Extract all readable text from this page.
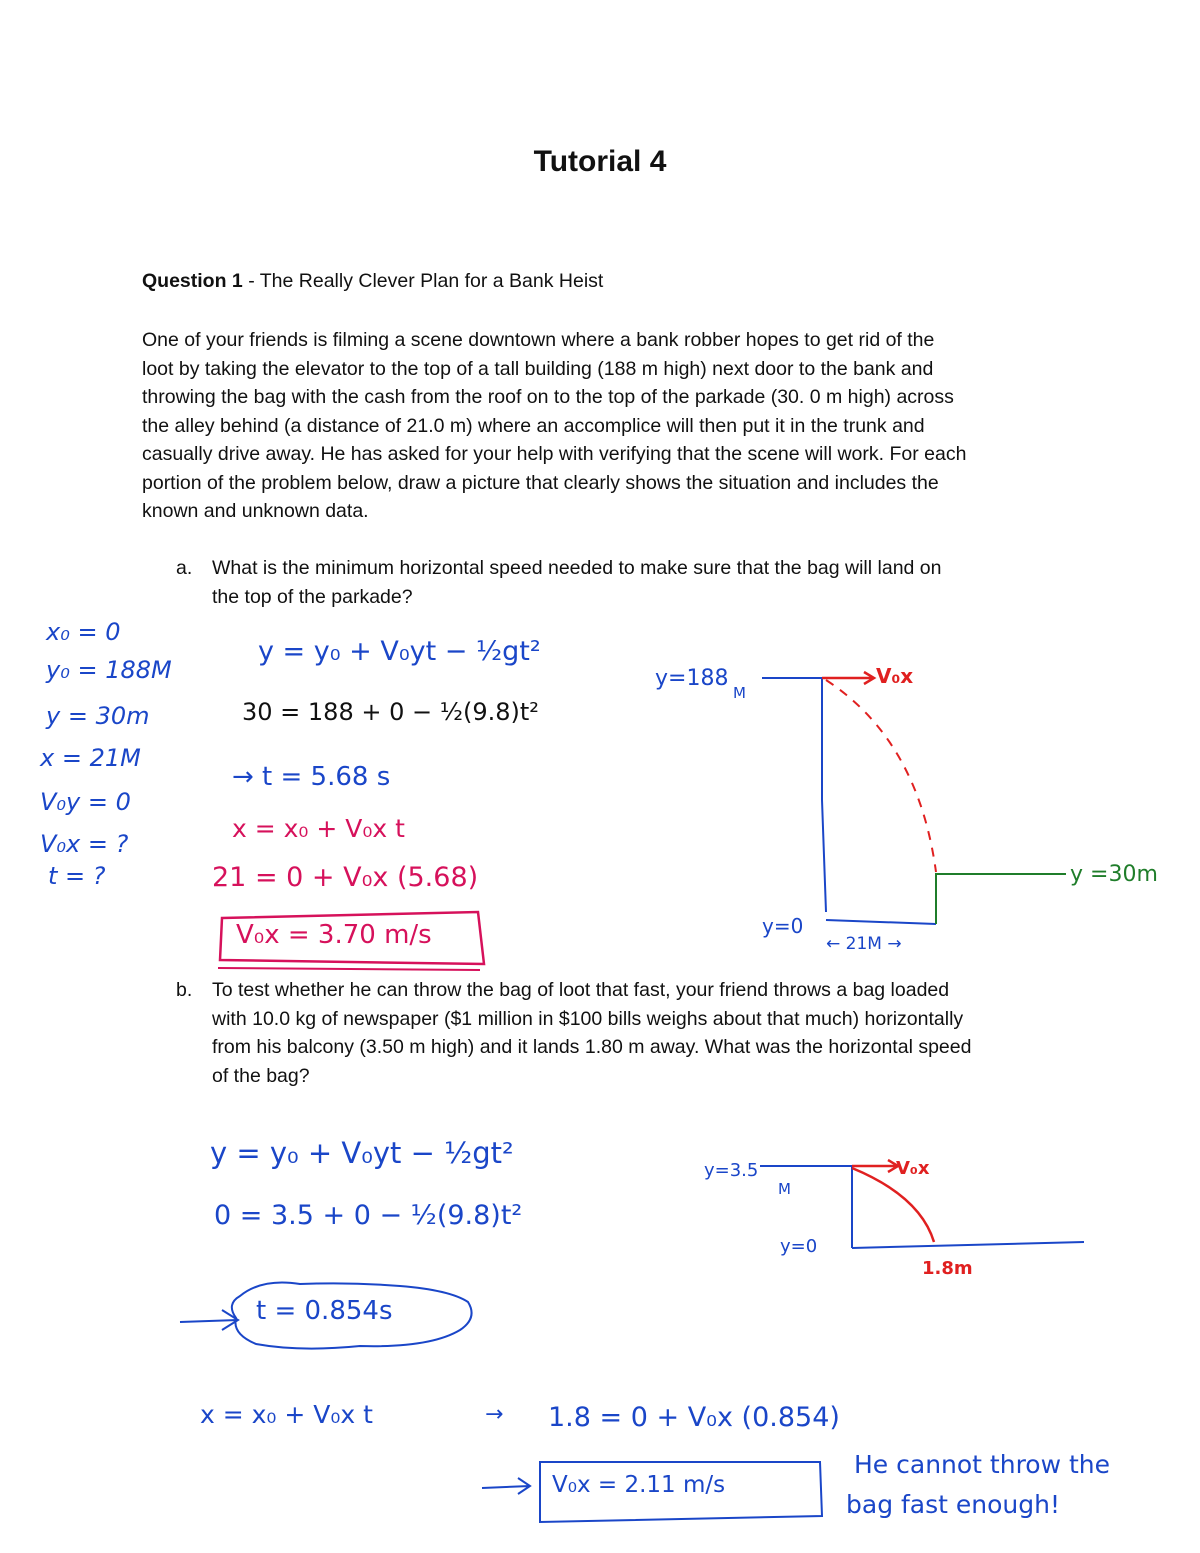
Tutorial 4
Question 1 - The Really Clever Plan for a Bank Heist
One of your friends is filming a scene downtown where a bank robber hopes to get rid of the
loot by taking the elevator to the top of a tall building (188 m high) next door to the bank and
throwing the bag with the cash from the roof on to the top of the parkade (30. 0 m high) across
the alley behind (a distance of 21.0 m) where an accomplice will then put it in the trunk and
casually drive away. He has asked for your help with verifying that the scene will work. For each
portion of the problem below, draw a picture that clearly shows the situation and includes the
known and unknown data.
a. What is the minimum horizontal speed needed to make sure that the bag will land on
the top of the parkade?
b. To test whether he can throw the bag of loot that fast, your friend throws a bag loaded
with 10.0 kg of newspaper ($1 million in $100 bills weighs about that much) horizontally
from his balcony (3.50 m high) and it lands 1.80 m away. What was the horizontal speed
of the bag?
x₀ = 0
y₀ = 188M
y = 30m
x = 21M
V₀y = 0
V₀x = ?
t = ?
y = y₀ + V₀yt − ½gt²
30 = 188 + 0 − ½(9.8)t²
→ t = 5.68 s
x = x₀ + V₀x t
21 = 0 + V₀x (5.68)
V₀x = 3.70 m/s
y=188
M
V₀x
y=0
← 21M →
y =30m
y = y₀ + V₀yt − ½gt²
0 = 3.5 + 0 − ½(9.8)t²
t = 0.854s
x = x₀ + V₀x t	→ 1.8 = 0 + V₀x (0.854)
V₀x = 2.11 m/s
He cannot throw the
bag fast enough!
y=3.5
M
V₀x
y=0
1.8m
